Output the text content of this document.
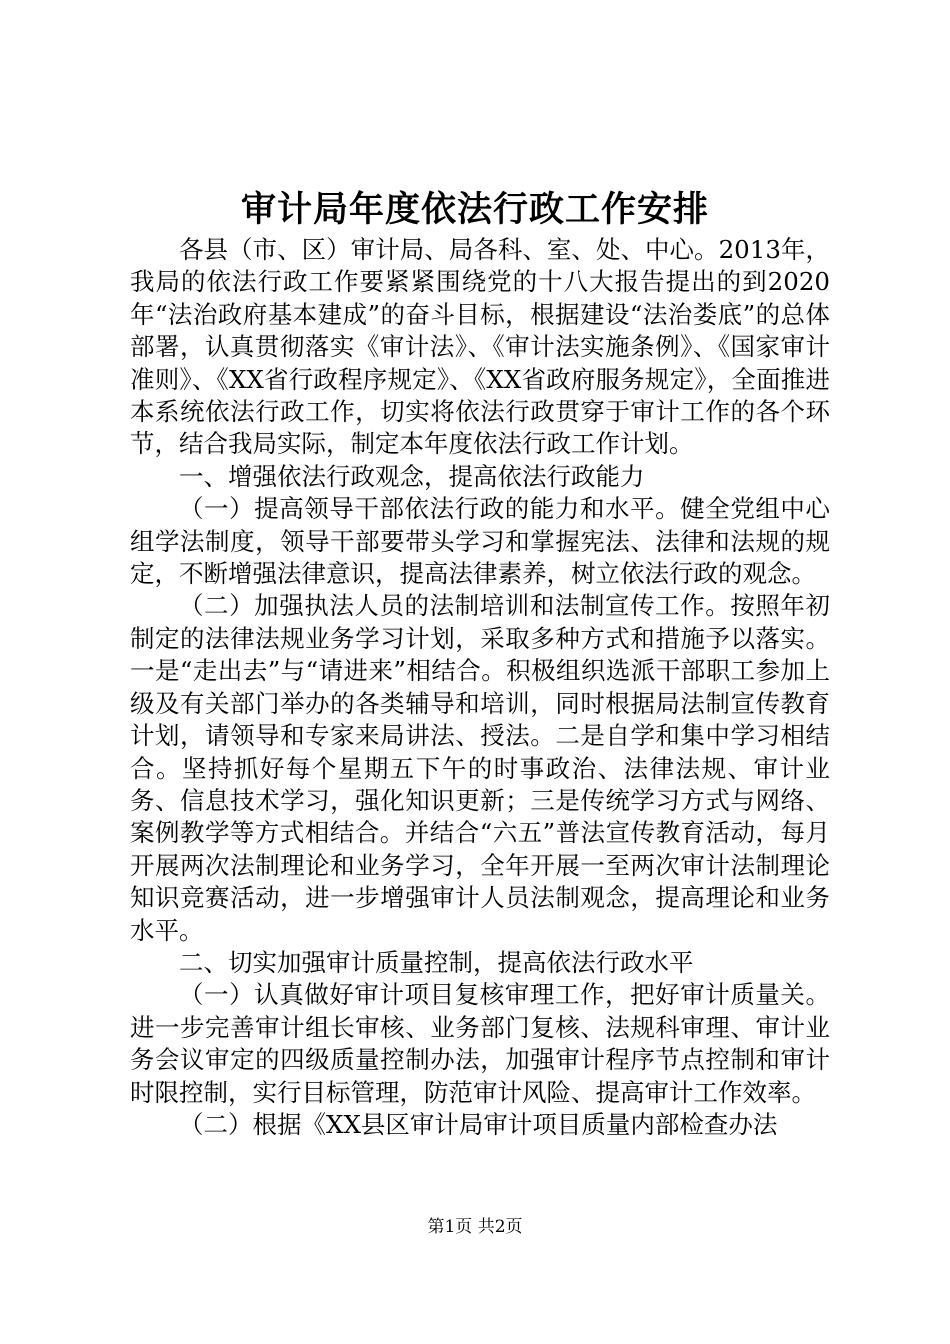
审计局年度依法行政工作安排

各县（市、区）审计局、局各科、室、处、中心。2013年，我局的依法行政工作要紧紧围绕党的十八大报告提出的到2020年“法治政府基本建成”的奋斗目标，根据建设“法治娄底”的总体部署，认真贯彻落实《审计法》、《审计法实施条例》、《国家审计准则》、《XX省行政程序规定》、《XX省政府服务规定》，全面推进本系统依法行政工作，切实将依法行政贯穿于审计工作的各个环节，结合我局实际，制定本年度依法行政工作计划。

一、增强依法行政观念，提高依法行政能力

（一）提高领导干部依法行政的能力和水平。健全党组中心组学法制度，领导干部要带头学习和掌握宪法、法律和法规的规定，不断增强法律意识，提高法律素养，树立依法行政的观念。

（二）加强执法人员的法制培训和法制宣传工作。按照年初制定的法律法规业务学习计划，采取多种方式和措施予以落实。一是“走出去”与“请进来”相结合。积极组织选派干部职工参加上级及有关部门举办的各类辅导和培训，同时根据局法制宣传教育计划，请领导和专家来局讲法、授法。二是自学和集中学习相结合。坚持抓好每个星期五下午的时事政治、法律法规、审计业务、信息技术学习，强化知识更新；三是传统学习方式与网络、案例教学等方式相结合。并结合“六五”普法宣传教育活动，每月开展两次法制理论和业务学习，全年开展一至两次审计法制理论知识竞赛活动，进一步增强审计人员法制观念，提高理论和业务水平。

二、切实加强审计质量控制，提高依法行政水平

（一）认真做好审计项目复核审理工作，把好审计质量关。进一步完善审计组长审核、业务部门复核、法规科审理、审计业务会议审定的四级质量控制办法，加强审计程序节点控制和审计时限控制，实行目标管理，防范审计风险、提高审计工作效率。

（二）根据《XX县区审计局审计项目质量内部检查办法

第1页 共2页
